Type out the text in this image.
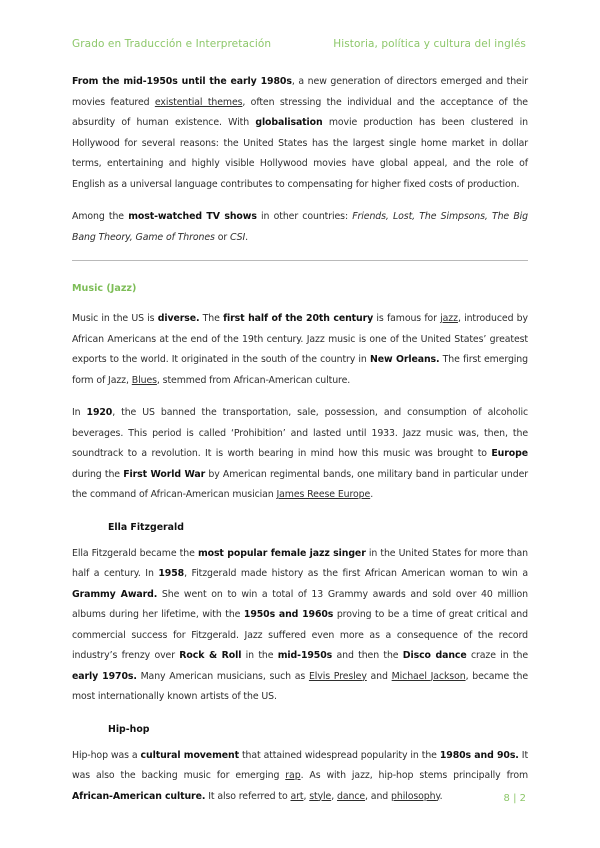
Grado en Traducción e Interpretación	Historia, política y cultura del inglés

From the mid-1950s until the early 1980s, a new generation of directors emerged and their movies featured existential themes, often stressing the individual and the acceptance of the absurdity of human existence. With globalisation movie production has been clustered in Hollywood for several reasons: the United States has the largest single home market in dollar terms, entertaining and highly visible Hollywood movies have global appeal, and the role of English as a universal language contributes to compensating for higher fixed costs of production.

Among the most-watched TV shows in other countries: Friends, Lost, The Simpsons, The Big Bang Theory, Game of Thrones or CSI.

Music (Jazz)

Music in the US is diverse. The first half of the 20th century is famous for jazz, introduced by African Americans at the end of the 19th century. Jazz music is one of the United States’ greatest exports to the world. It originated in the south of the country in New Orleans. The first emerging form of Jazz, Blues, stemmed from African-American culture.

In 1920, the US banned the transportation, sale, possession, and consumption of alcoholic beverages. This period is called ‘Prohibition’ and lasted until 1933. Jazz music was, then, the soundtrack to a revolution. It is worth bearing in mind how this music was brought to Europe during the First World War by American regimental bands, one military band in particular under the command of African-American musician James Reese Europe.

Ella Fitzgerald

Ella Fitzgerald became the most popular female jazz singer in the United States for more than half a century. In 1958, Fitzgerald made history as the first African American woman to win a Grammy Award. She went on to win a total of 13 Grammy awards and sold over 40 million albums during her lifetime, with the 1950s and 1960s proving to be a time of great critical and commercial success for Fitzgerald. Jazz suffered even more as a consequence of the record industry’s frenzy over Rock & Roll in the mid-1950s and then the Disco dance craze in the early 1970s. Many American musicians, such as Elvis Presley and Michael Jackson, became the most internationally known artists of the US.

Hip-hop

Hip-hop was a cultural movement that attained widespread popularity in the 1980s and 90s. It was also the backing music for emerging rap. As with jazz, hip-hop stems principally from African-American culture. It also referred to art, style, dance, and philosophy.	8 | 2
